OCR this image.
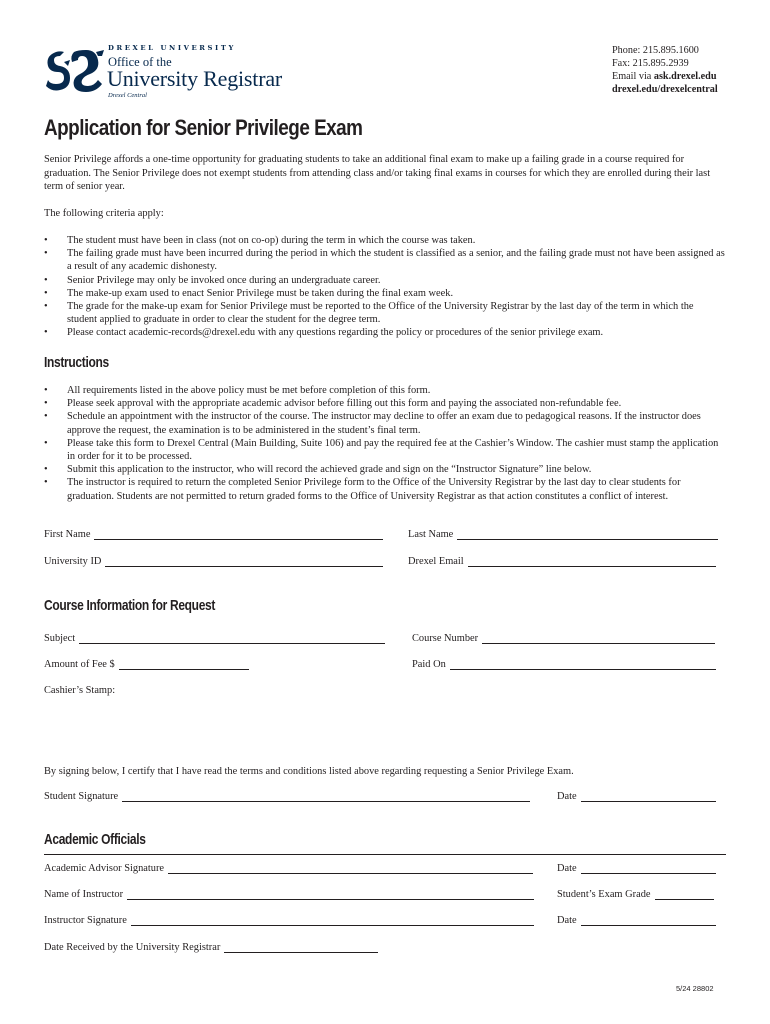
DREXEL UNIVERSITY
Office of the
University Registrar
Drexel Central
Phone: 215.895.1600
Fax: 215.895.2939
Email via ask.drexel.edu
drexel.edu/drexelcentral
Application for Senior Privilege Exam
Senior Privilege affords a one-time opportunity for graduating students to take an additional final exam to make up a failing grade in a course required for graduation. The Senior Privilege does not exempt students from attending class and/or taking final exams in courses for which they are enrolled during their last term of senior year.
The following criteria apply:
• The student must have been in class (not on co-op) during the term in which the course was taken.
• The failing grade must have been incurred during the period in which the student is classified as a senior, and the failing grade must not have been assigned as a result of any academic dishonesty.
• Senior Privilege may only be invoked once during an undergraduate career.
• The make-up exam used to enact Senior Privilege must be taken during the final exam week.
• The grade for the make-up exam for Senior Privilege must be reported to the Office of the University Registrar by the last day of the term in which the student applied to graduate in order to clear the student for the degree term.
• Please contact academic-records@drexel.edu with any questions regarding the policy or procedures of the senior privilege exam.
Instructions
• All requirements listed in the above policy must be met before completion of this form.
• Please seek approval with the appropriate academic advisor before filling out this form and paying the associated non-refundable fee.
• Schedule an appointment with the instructor of the course. The instructor may decline to offer an exam due to pedagogical reasons. If the instructor does approve the request, the examination is to be administered in the student’s final term.
• Please take this form to Drexel Central (Main Building, Suite 106) and pay the required fee at the Cashier’s Window. The cashier must stamp the application in order for it to be processed.
• Submit this application to the instructor, who will record the achieved grade and sign on the “Instructor Signature” line below.
• The instructor is required to return the completed Senior Privilege form to the Office of the University Registrar by the last day to clear students for graduation. Students are not permitted to return graded forms to the Office of University Registrar as that action constitutes a conflict of interest.
First Name	Last Name
University ID	Drexel Email
Course Information for Request
Subject	Course Number
Amount of Fee $	Paid On
Cashier’s Stamp:
By signing below, I certify that I have read the terms and conditions listed above regarding requesting a Senior Privilege Exam.
Student Signature	Date
Academic Officials
Academic Advisor Signature	Date
Name of Instructor	Student’s Exam Grade
Instructor Signature	Date
Date Received by the University Registrar
5/24 28802
